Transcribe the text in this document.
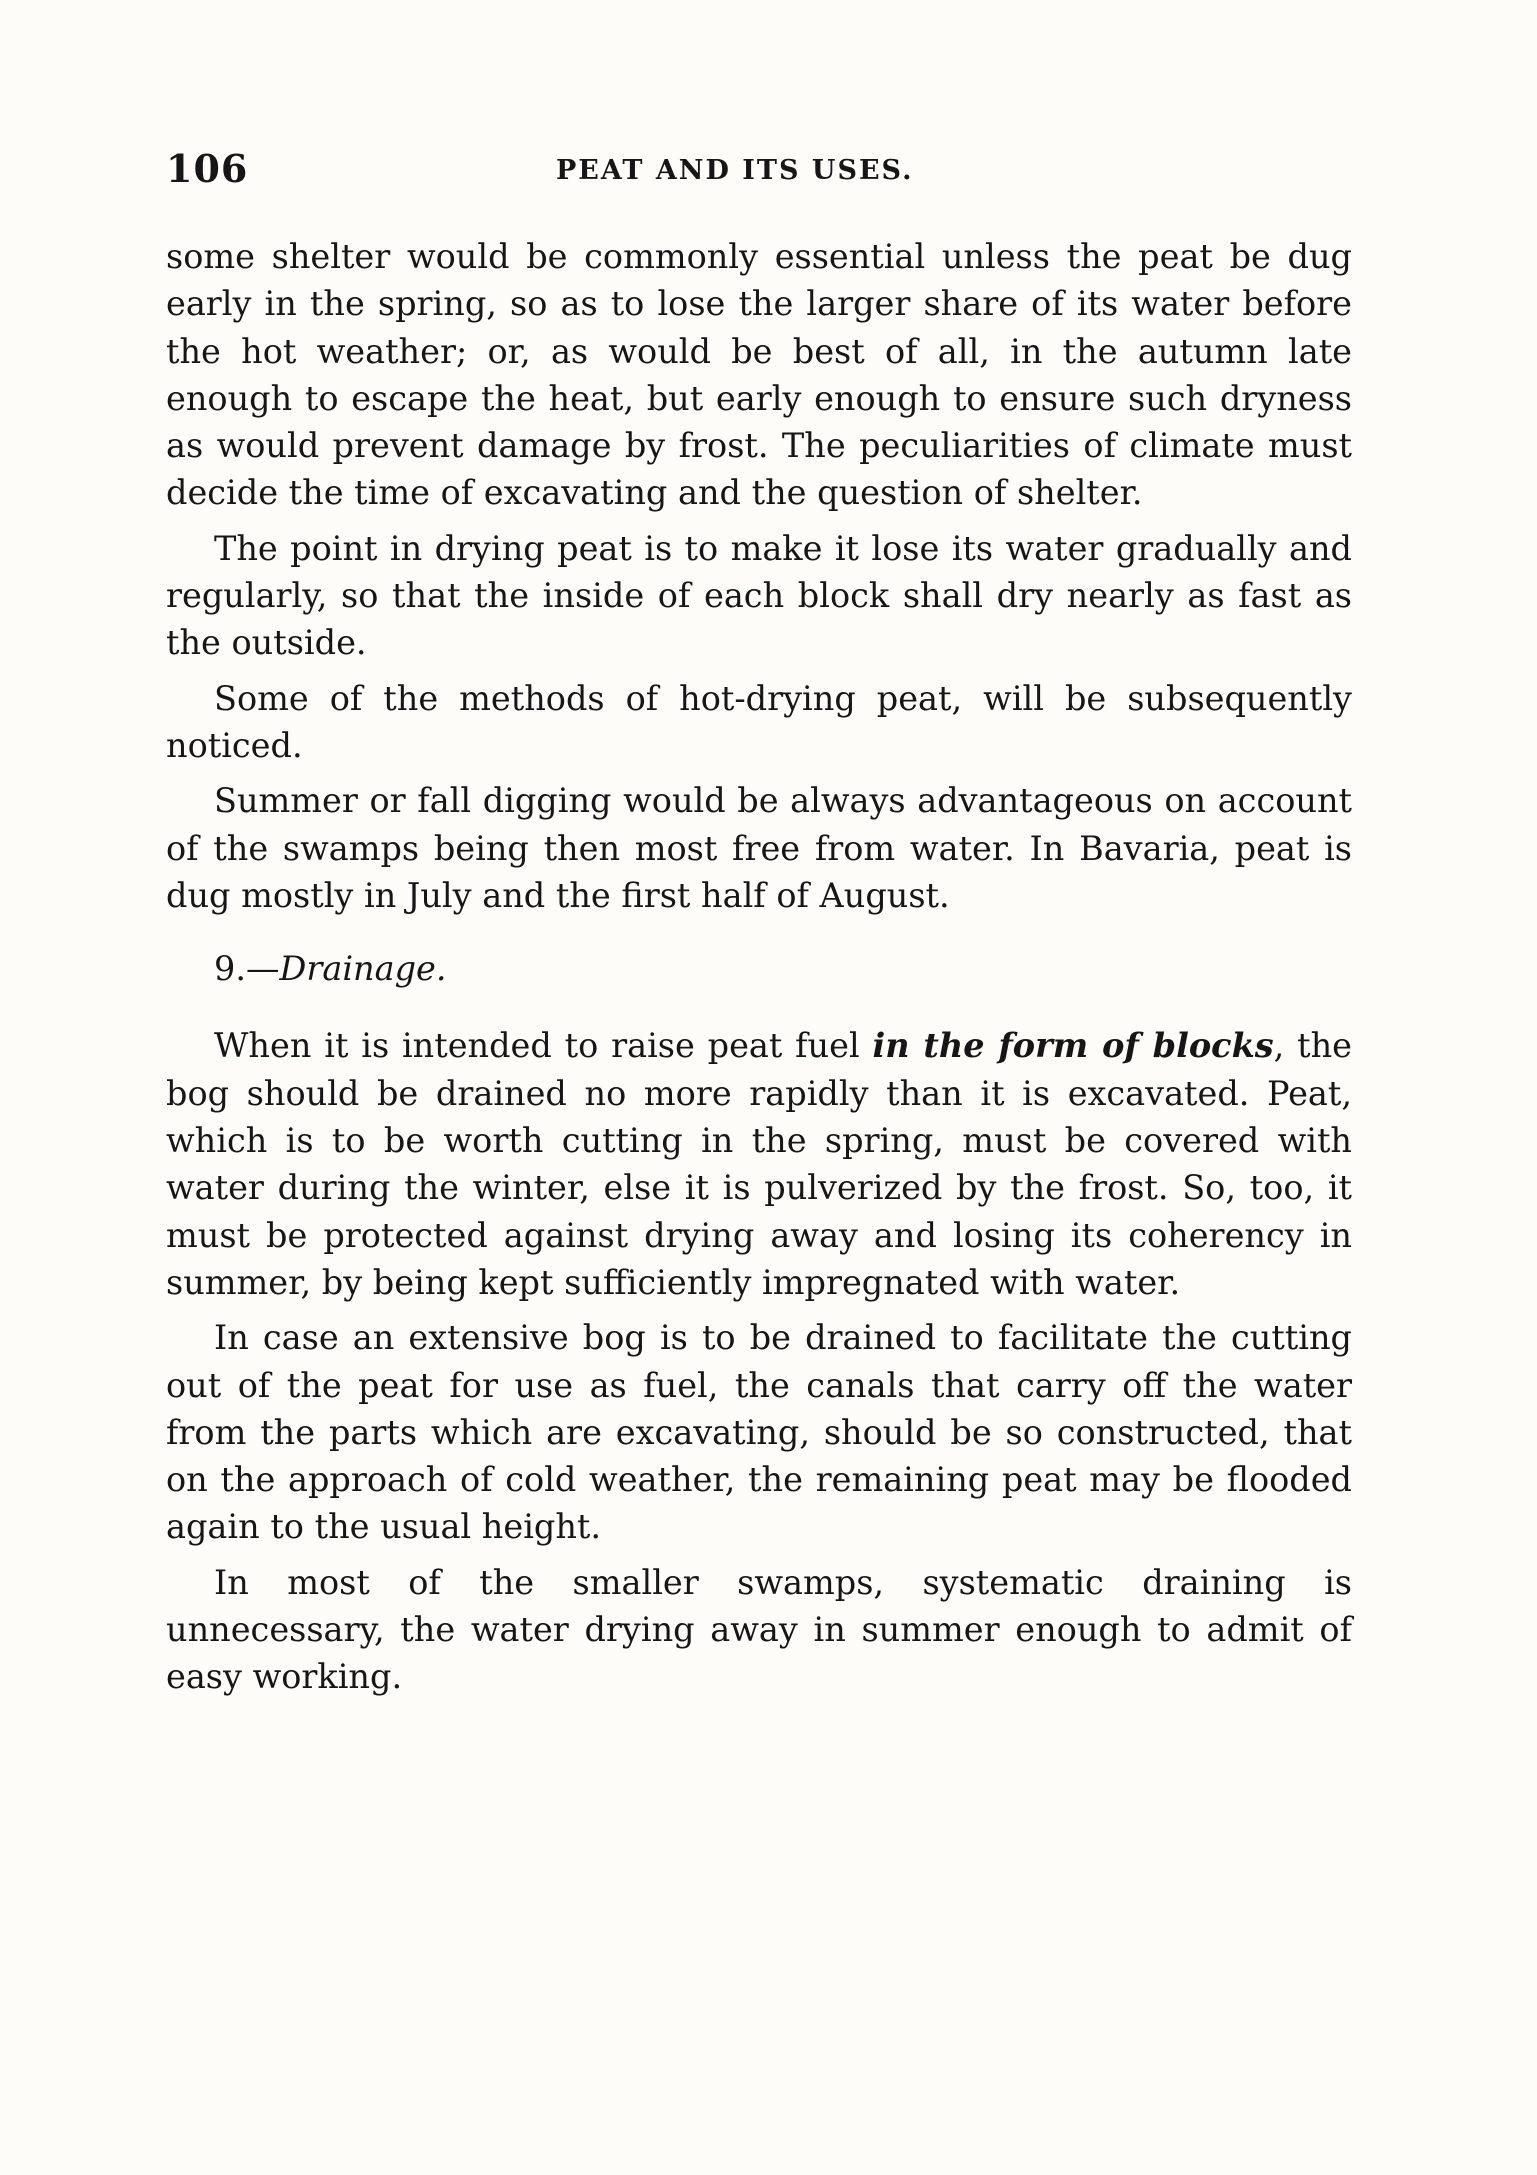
106	PEAT AND ITS USES.

some shelter would be commonly essential unless the peat be dug early in the spring, so as to lose the larger share of its water before the hot weather; or, as would be best of all, in the autumn late enough to escape the heat, but early enough to ensure such dryness as would prevent damage by frost. The peculiarities of climate must decide the time of excavating and the question of shelter.

The point in drying peat is to make it lose its water gradually and regularly, so that the inside of each block shall dry nearly as fast as the outside.

Some of the methods of hot-drying peat, will be subsequently noticed.

Summer or fall digging would be always advantageous on account of the swamps being then most free from water. In Bavaria, peat is dug mostly in July and the first half of August.

9.—Drainage.

When it is intended to raise peat fuel in the form of blocks, the bog should be drained no more rapidly than it is excavated. Peat, which is to be worth cutting in the spring, must be covered with water during the winter, else it is pulverized by the frost. So, too, it must be protected against drying away and losing its coherency in summer, by being kept sufficiently impregnated with water.

In case an extensive bog is to be drained to facilitate the cutting out of the peat for use as fuel, the canals that carry off the water from the parts which are excavating, should be so constructed, that on the approach of cold weather, the remaining peat may be flooded again to the usual height.

In most of the smaller swamps, systematic draining is unnecessary, the water drying away in summer enough to admit of easy working.
